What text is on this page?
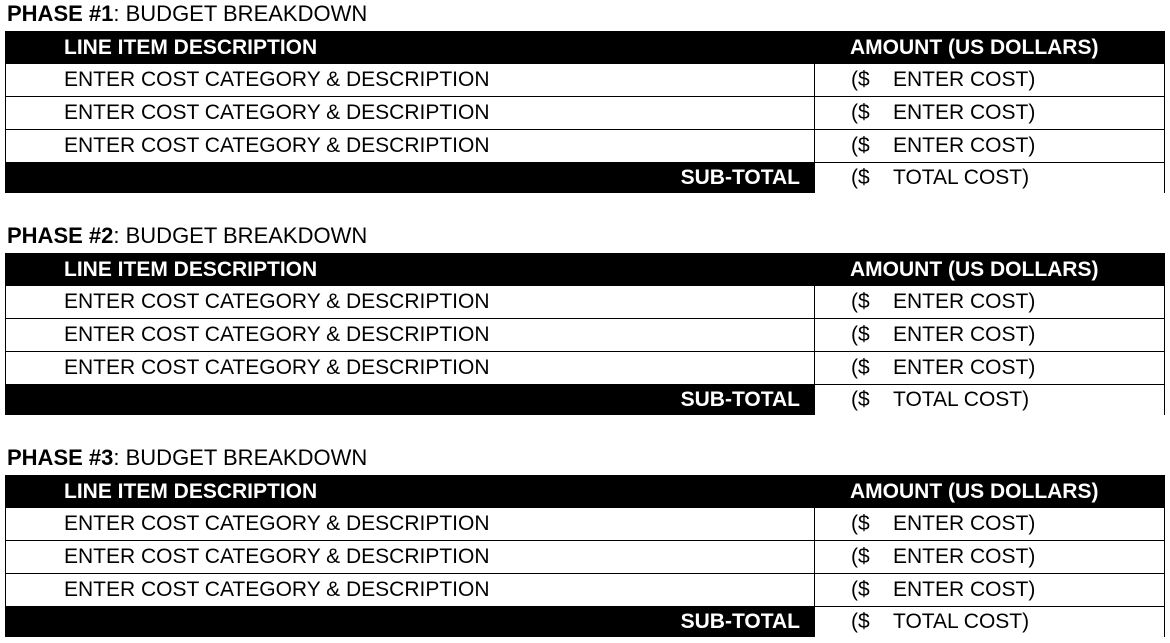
PHASE #1: BUDGET BREAKDOWN
LINE ITEM DESCRIPTION	AMOUNT (US DOLLARS)
ENTER COST CATEGORY & DESCRIPTION	($	ENTER COST)
ENTER COST CATEGORY & DESCRIPTION	($	ENTER COST)
ENTER COST CATEGORY & DESCRIPTION	($	ENTER COST)
SUB-TOTAL	($	TOTAL COST)
PHASE #2: BUDGET BREAKDOWN
LINE ITEM DESCRIPTION	AMOUNT (US DOLLARS)
ENTER COST CATEGORY & DESCRIPTION	($	ENTER COST)
ENTER COST CATEGORY & DESCRIPTION	($	ENTER COST)
ENTER COST CATEGORY & DESCRIPTION	($	ENTER COST)
SUB-TOTAL	($	TOTAL COST)
PHASE #3: BUDGET BREAKDOWN
LINE ITEM DESCRIPTION	AMOUNT (US DOLLARS)
ENTER COST CATEGORY & DESCRIPTION	($	ENTER COST)
ENTER COST CATEGORY & DESCRIPTION	($	ENTER COST)
ENTER COST CATEGORY & DESCRIPTION	($	ENTER COST)
SUB-TOTAL	($	TOTAL COST)
